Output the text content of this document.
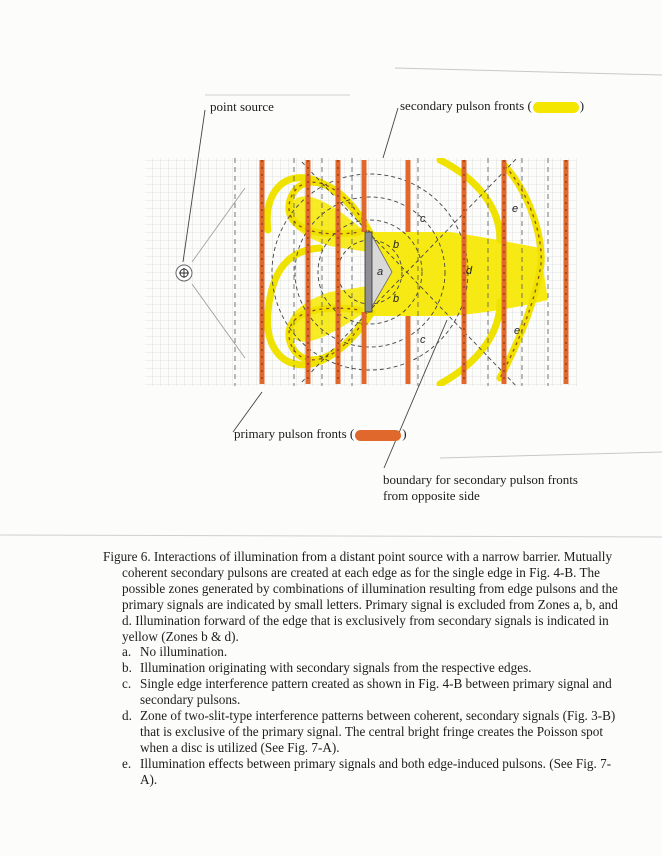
a
b
b
c
c
d
e
e
point source	secondary pulson fronts (	)
primary pulson fronts (	)
boundary for secondary pulson fronts
from opposite side

Figure 6. Interactions of illumination from a distant point source with a narrow barrier. Mutually coherent secondary pulsons are created at each edge as for the single edge in Fig. 4-B. The possible zones generated by combinations of illumination resulting from edge pulsons and the primary signals are indicated by small letters. Primary signal is excluded from Zones a, b, and d. Illumination forward of the edge that is exclusively from secondary signals is indicated in yellow (Zones b & d).

a. No illumination.
b. Illumination originating with secondary signals from the respective edges.
c. Single edge interference pattern created as shown in Fig. 4-B between primary signal and secondary pulsons.
d. Zone of two-slit-type interference patterns between coherent, secondary signals (Fig. 3-B) that is exclusive of the primary signal. The central bright fringe creates the Poisson spot when a disc is utilized (See Fig. 7-A).
e. Illumination effects between primary signals and both edge-induced pulsons. (See Fig. 7-A).
